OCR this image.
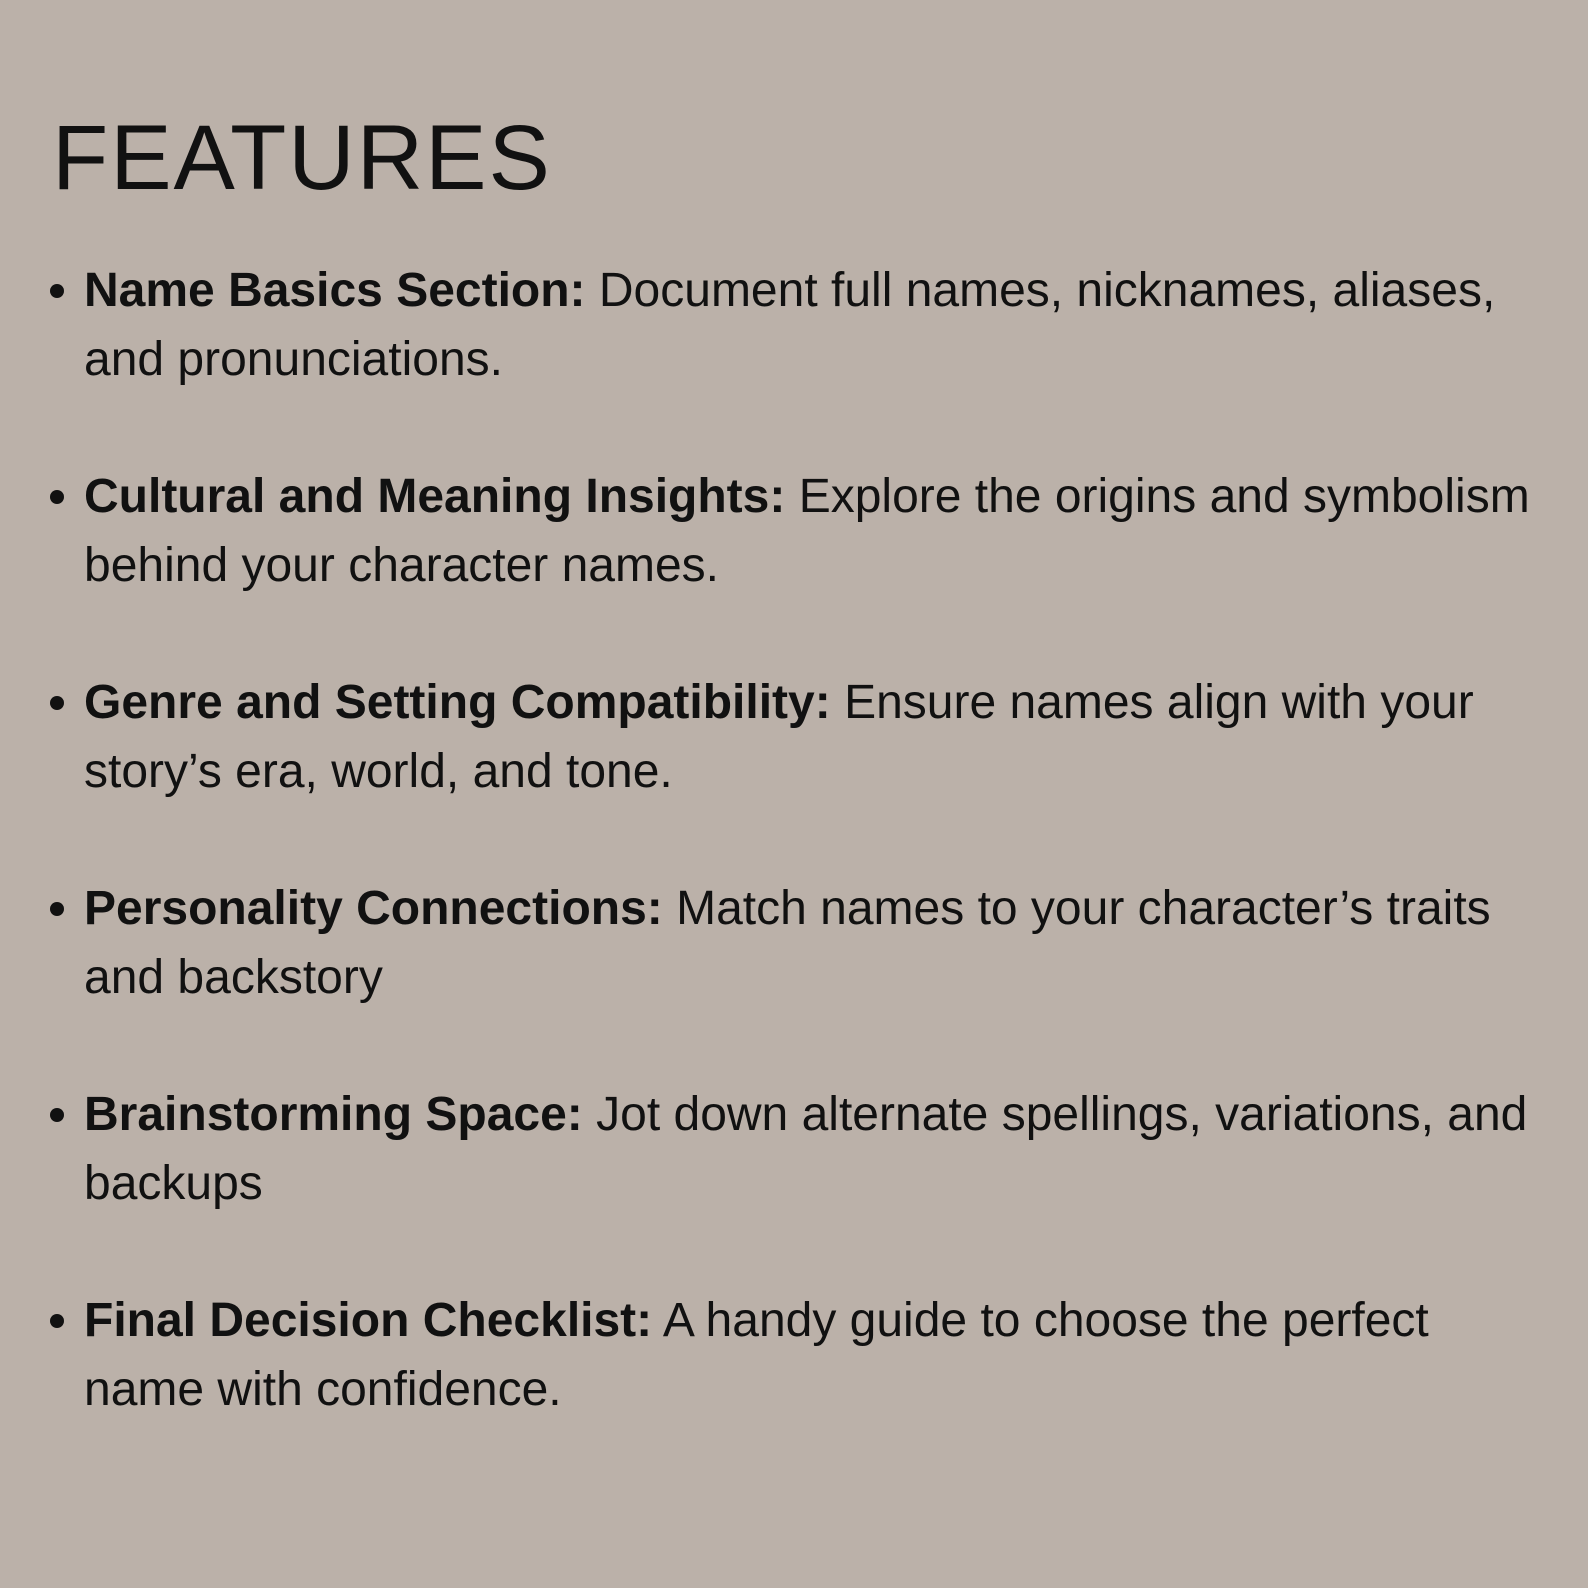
FEATURES
Name Basics Section: Document full names, nicknames, aliases, and pronunciations.
Cultural and Meaning Insights: Explore the origins and symbolism behind your character names.
Genre and Setting Compatibility: Ensure names align with your story’s era, world, and tone.
Personality Connections: Match names to your character’s traits and backstory
Brainstorming Space: Jot down alternate spellings, variations, and backups
Final Decision Checklist: A handy guide to choose the perfect name with confidence.
